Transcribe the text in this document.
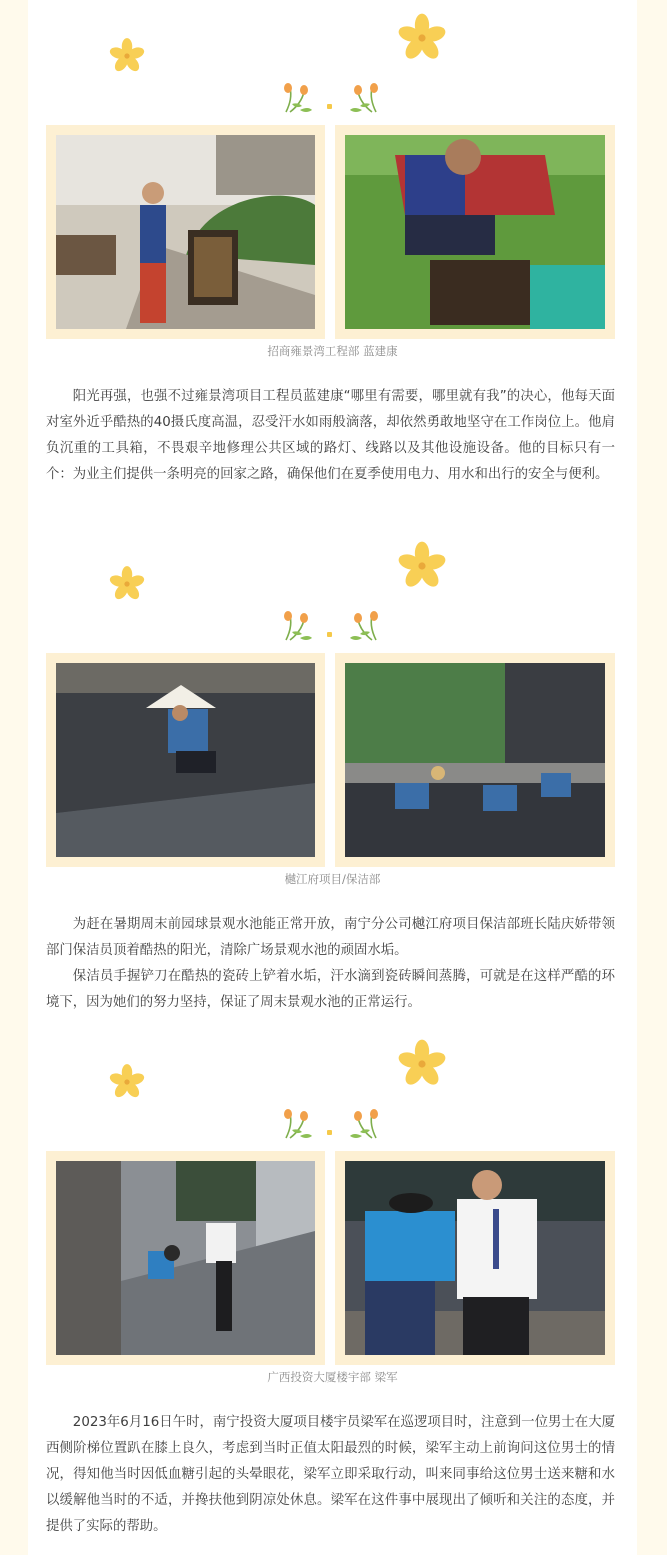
招商雍景湾工程部 蓝建康

阳光再强，也强不过雍景湾项目工程员蓝建康“哪里有需要，哪里就有我”的决心，他每天面对室外近乎酷热的40摄氏度高温，忍受汗水如雨般滴落，却依然勇敢地坚守在工作岗位上。他肩负沉重的工具箱，不畏艰辛地修理公共区域的路灯、线路以及其他设施设备。他的目标只有一个：为业主们提供一条明亮的回家之路，确保他们在夏季使用电力、用水和出行的安全与便利。

樾江府项目/保洁部

为赶在暑期周末前园球景观水池能正常开放，南宁分公司樾江府项目保洁部班长陆庆娇带领部门保洁员顶着酷热的阳光，清除广场景观水池的顽固水垢。

保洁员手握铲刀在酷热的瓷砖上铲着水垢，汗水滴到瓷砖瞬间蒸腾，可就是在这样严酷的环境下，因为她们的努力坚持，保证了周末景观水池的正常运行。

广西投资大厦楼宇部 梁军

2023年6月16日午时，南宁投资大厦项目楼宇员梁军在巡逻项目时，注意到一位男士在大厦西侧阶梯位置趴在膝上良久，考虑到当时正值太阳最烈的时候，梁军主动上前询问这位男士的情况，得知他当时因低血糖引起的头晕眼花，梁军立即采取行动，叫来同事给这位男士送来糖和水以缓解他当时的不适，并搀扶他到阴凉处休息。梁军在这件事中展现出了倾听和关注的态度，并提供了实际的帮助。
